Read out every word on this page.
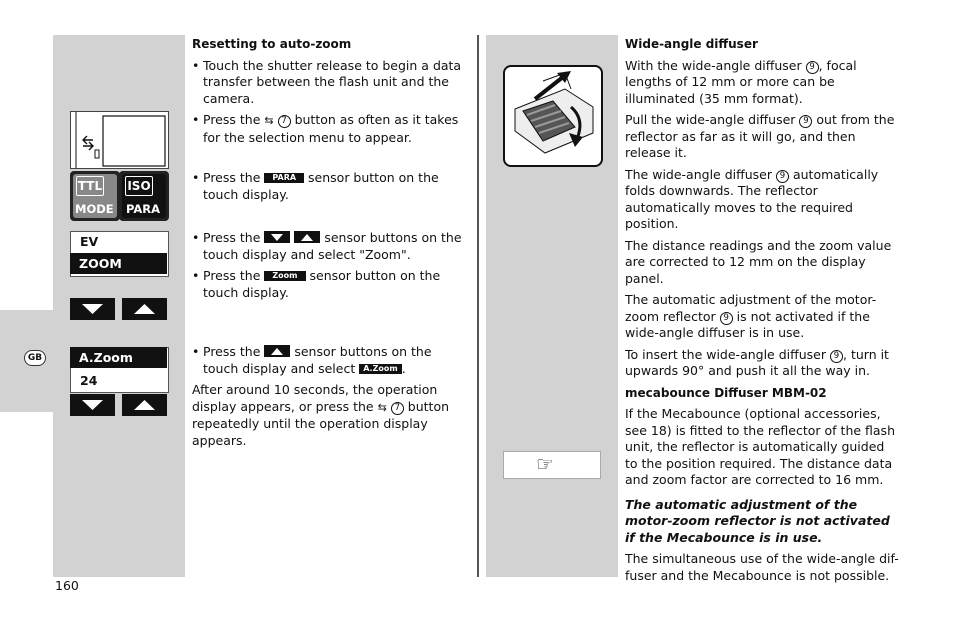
GB
TTL
MODE
ISO
PARA
EV
ZOOM
A.Zoom
24

Resetting to auto-zoom

• Touch the shutter release to begin a data transfer between the flash unit and the camera.

• Press the ⇆ 7 button as often as it takes for the selection menu to appear.

• Press the PARA sensor button on the touch display.

• Press the
	sensor buttons on the touch display and select "Zoom".

• Press the Zoom sensor button on the touch display.

• Press the	sensor buttons on the touch display and select A.Zoom .

After around 10 seconds, the operation display appears, or press the ⇆ 7 button repeatedly until the operation display appears.

☞

Wide-angle diffuser

With the wide-angle diffuser 9 , focal lengths of 12 mm or more can be illuminated (35 mm format).

Pull the wide-angle diffuser 9 out from the reflector as far as it will go, and then release it.

The wide-angle diffuser 9 automatically folds downwards. The reflector automatically moves to the required position.

The distance readings and the zoom value are corrected to 12 mm on the display panel.

The automatic adjustment of the motor-zoom reflector 9 is not activated if the wide-angle diffuser is in use.

To insert the wide-angle diffuser 9 , turn it upwards 90° and push it all the way in.

mecabounce Diffuser MBM-02

If the Mecabounce (optional accessories, see 18) is fitted to the reflector of the flash unit, the reflector is automatically guided to the position required. The distance data and zoom factor are corrected to 16 mm.

The automatic adjustment of the motor-zoom reflector is not activated if the Mecabounce is in use.

The simultaneous use of the wide-angle dif-fuser and the Mecabounce is not possible.

160
